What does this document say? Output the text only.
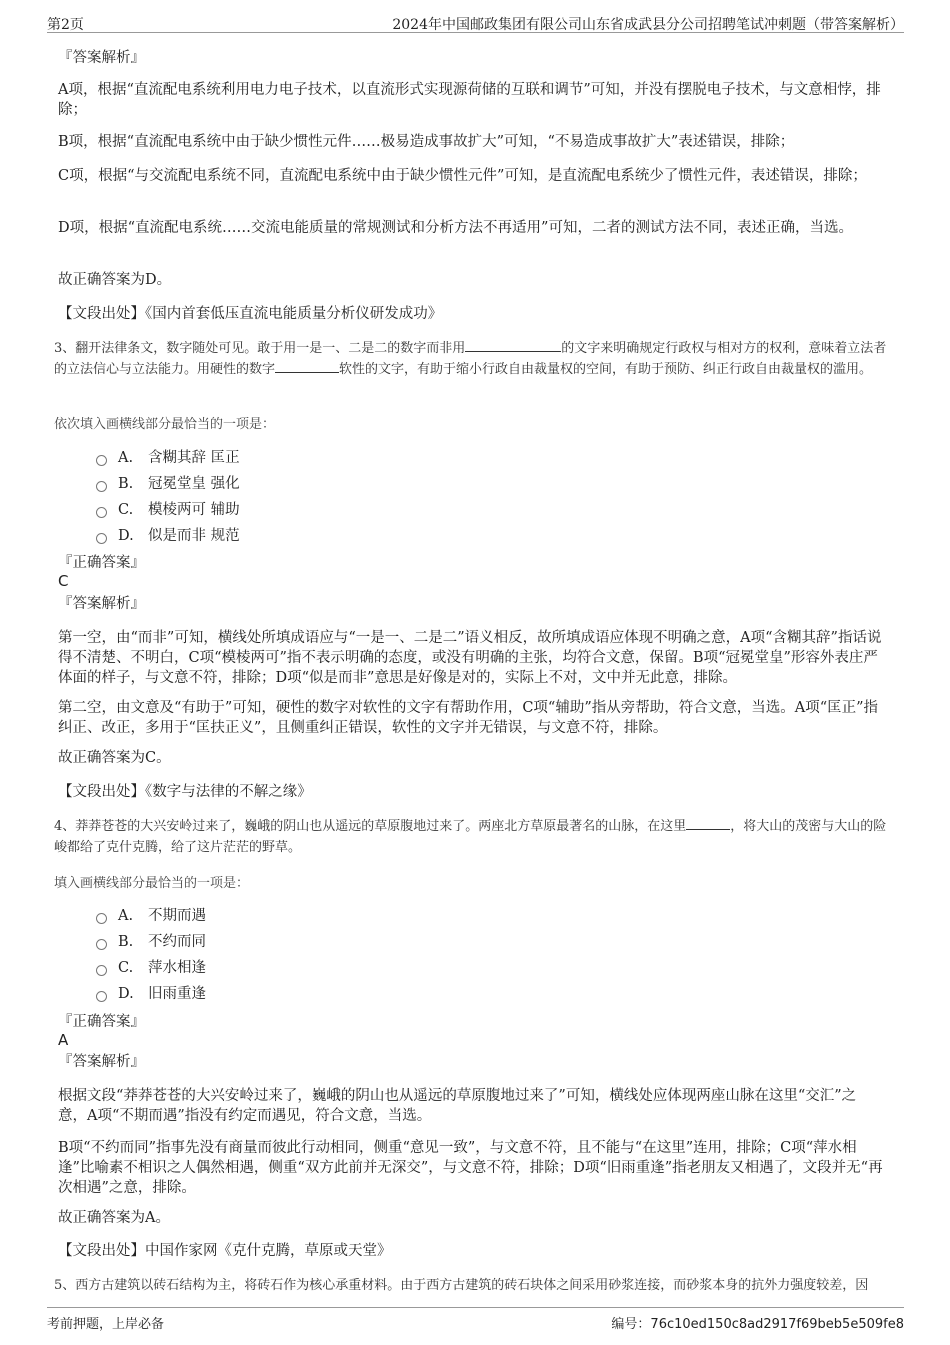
第2页	2024年中国邮政集团有限公司山东省成武县分公司招聘笔试冲刺题（带答案解析）
『答案解析』
A项，根据“直流配电系统利用电力电子技术，以直流形式实现源荷储的互联和调节”可知，并没有摆脱电子技术，与文意相悖，排除；
B项，根据“直流配电系统中由于缺少惯性元件……极易造成事故扩大”可知，“不易造成事故扩大”表述错误，排除；
C项，根据“与交流配电系统不同，直流配电系统中由于缺少惯性元件”可知，是直流配电系统少了惯性元件，表述错误，排除；
D项，根据“直流配电系统……交流电能质量的常规测试和分析方法不再适用”可知，二者的测试方法不同，表述正确，当选。
故正确答案为D。
【文段出处】《国内首套低压直流电能质量分析仪研发成功》
3、翻开法律条文，数字随处可见。敢于用一是一、二是二的数字而非用	的文字来明确规定行政权与相对方的权利，意味着立法者的立法信心与立法能力。用硬性的数字	软性的文字，有助于缩小行政自由裁量权的空间，有助于预防、纠正行政自由裁量权的滥用。
依次填入画横线部分最恰当的一项是：
A.	含糊其辞 匡正
B.	冠冕堂皇 强化
C.	模棱两可 辅助
D. 似是而非 规范
『正确答案』
C
『答案解析』
第一空，由“而非”可知，横线处所填成语应与“一是一、二是二”语义相反，故所填成语应体现不明确之意，A项“含糊其辞”指话说得不清楚、不明白，C项“模棱两可”指不表示明确的态度，或没有明确的主张，均符合文意，保留。B项“冠冕堂皇”形容外表庄严体面的样子，与文意不符，排除；D项“似是而非”意思是好像是对的，实际上不对，文中并无此意，排除。
第二空，由文意及“有助于”可知，硬性的数字对软性的文字有帮助作用，C项“辅助”指从旁帮助，符合文意，当选。A项“匡正”指纠正、改正，多用于“匡扶正义”，且侧重纠正错误，软性的文字并无错误，与文意不符，排除。
故正确答案为C。
【文段出处】《数字与法律的不解之缘》
4、莽莽苍苍的大兴安岭过来了，巍峨的阴山也从遥远的草原腹地过来了。两座北方草原最著名的山脉，在这里	，将大山的茂密与大山的险峻都给了克什克腾，给了这片茫茫的野草。
填入画横线部分最恰当的一项是：
A.	不期而遇
B.	不约而同
C.	萍水相逢
D. 旧雨重逢
『正确答案』
A
『答案解析』
根据文段“莽莽苍苍的大兴安岭过来了，巍峨的阴山也从遥远的草原腹地过来了”可知，横线处应体现两座山脉在这里“交汇”之意，A项“不期而遇”指没有约定而遇见，符合文意，当选。
B项“不约而同”指事先没有商量而彼此行动相同，侧重“意见一致”，与文意不符，且不能与“在这里”连用，排除；C项“萍水相逢”比喻素不相识之人偶然相遇，侧重“双方此前并无深交”，与文意不符，排除；D项“旧雨重逢”指老朋友又相遇了，文段并无“再次相遇”之意，排除。
故正确答案为A。
【文段出处】中国作家网《克什克腾，草原或天堂》
5、西方古建筑以砖石结构为主，将砖石作为核心承重材料。由于西方古建筑的砖石块体之间采用砂浆连接，而砂浆本身的抗外力强度较差，因
考前押题，上岸必备	编号：76c10ed150c8ad2917f69beb5e509fe8
